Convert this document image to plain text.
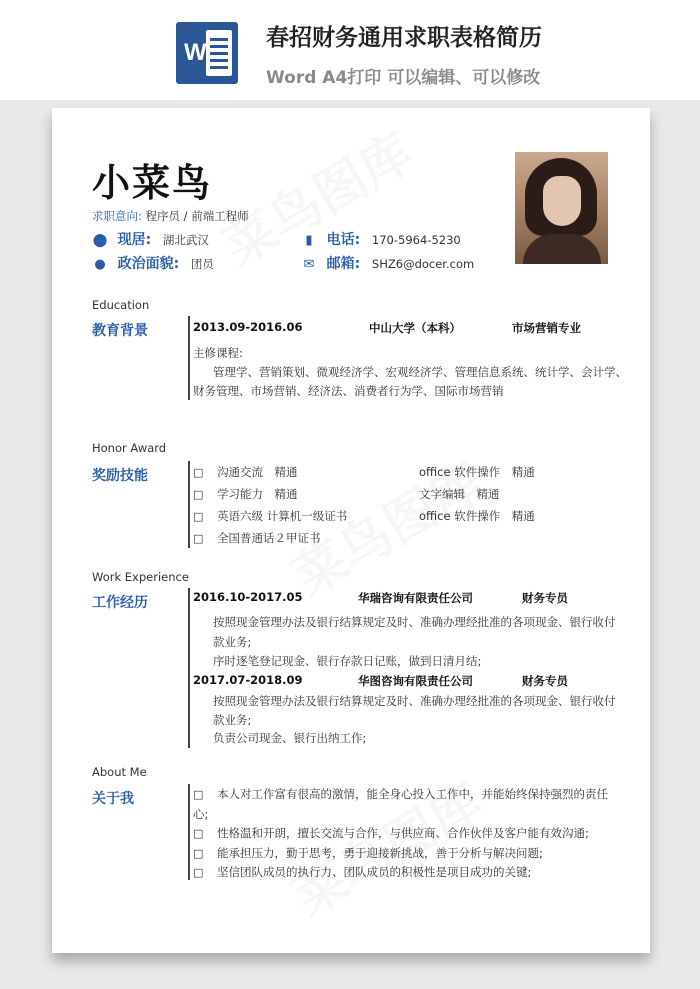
W
春招财务通用求职表格简历
Word A4打印 可以编辑、可以修改
小菜鸟
求职意向: 程序员 / 前端工程师
⬤ 现居: 湖北武汉
● 政治面貌: 团员
▮ 电话: 170-5964-5230
✉ 邮箱: SHZ6@docer.com
Education
教育背景	2013.09-2016.06	中山大学（本科）	市场营销专业
主修课程:
管理学、营销策划、微观经济学、宏观经济学、管理信息系统、统计学、会计学、
财务管理、市场营销、经济法、消费者行为学、国际市场营销
Honor Award
奖励技能	□ 沟通交流　精通	office 软件操作　精通
□ 学习能力　精通	文字编辑　精通
□ 英语六级 计算机一级证书	office 软件操作　精通
□ 全国普通话２甲证书
Work Experience
工作经历	2016.10-2017.05	华瑞咨询有限责任公司	财务专员
按照现金管理办法及银行结算规定及时、准确办理经批准的各项现金、银行收付
款业务;
序时逐笔登记现金、银行存款日记账，做到日清月结;
2017.07-2018.09	华图咨询有限责任公司	财务专员
按照现金管理办法及银行结算规定及时、准确办理经批准的各项现金、银行收付
款业务;
负责公司现金、银行出纳工作;
About Me
关于我	□ 本人对工作富有很高的激情，能全身心投入工作中，并能始终保持强烈的责任
心;
□ 性格温和开朗，擅长交流与合作，与供应商、合作伙伴及客户能有效沟通;
□ 能承担压力，勤于思考，勇于迎接新挑战，善于分析与解决问题;
□ 坚信团队成员的执行力、团队成员的积极性是项目成功的关键;
